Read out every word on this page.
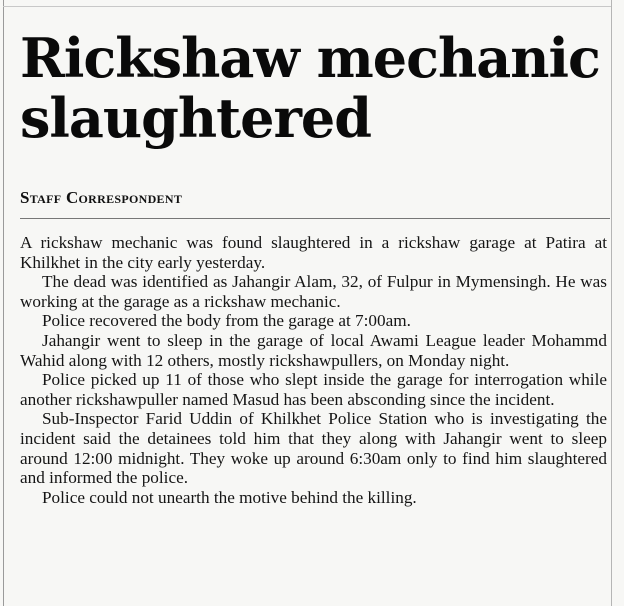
Rickshaw mechanic slaughtered
Staff Correspondent

A rickshaw mechanic was found slaughtered in a rickshaw garage at Patira at Khilkhet in the city early yesterday.

The dead was identified as Jahangir Alam, 32, of Fulpur in Mymensingh. He was working at the garage as a rickshaw mechanic.

Police recovered the body from the garage at 7:00am.

Jahangir went to sleep in the garage of local Awami League leader Mohammd Wahid along with 12 others, mostly rickshawpullers, on Monday night.

Police picked up 11 of those who slept inside the garage for interrogation while another rickshawpuller named Masud has been absconding since the incident.

Sub-Inspector Farid Uddin of Khilkhet Police Station who is investigating the incident said the detainees told him that they along with Jahangir went to sleep around 12:00 midnight. They woke up around 6:30am only to find him slaughtered and informed the police.

Police could not unearth the motive behind the killing.
